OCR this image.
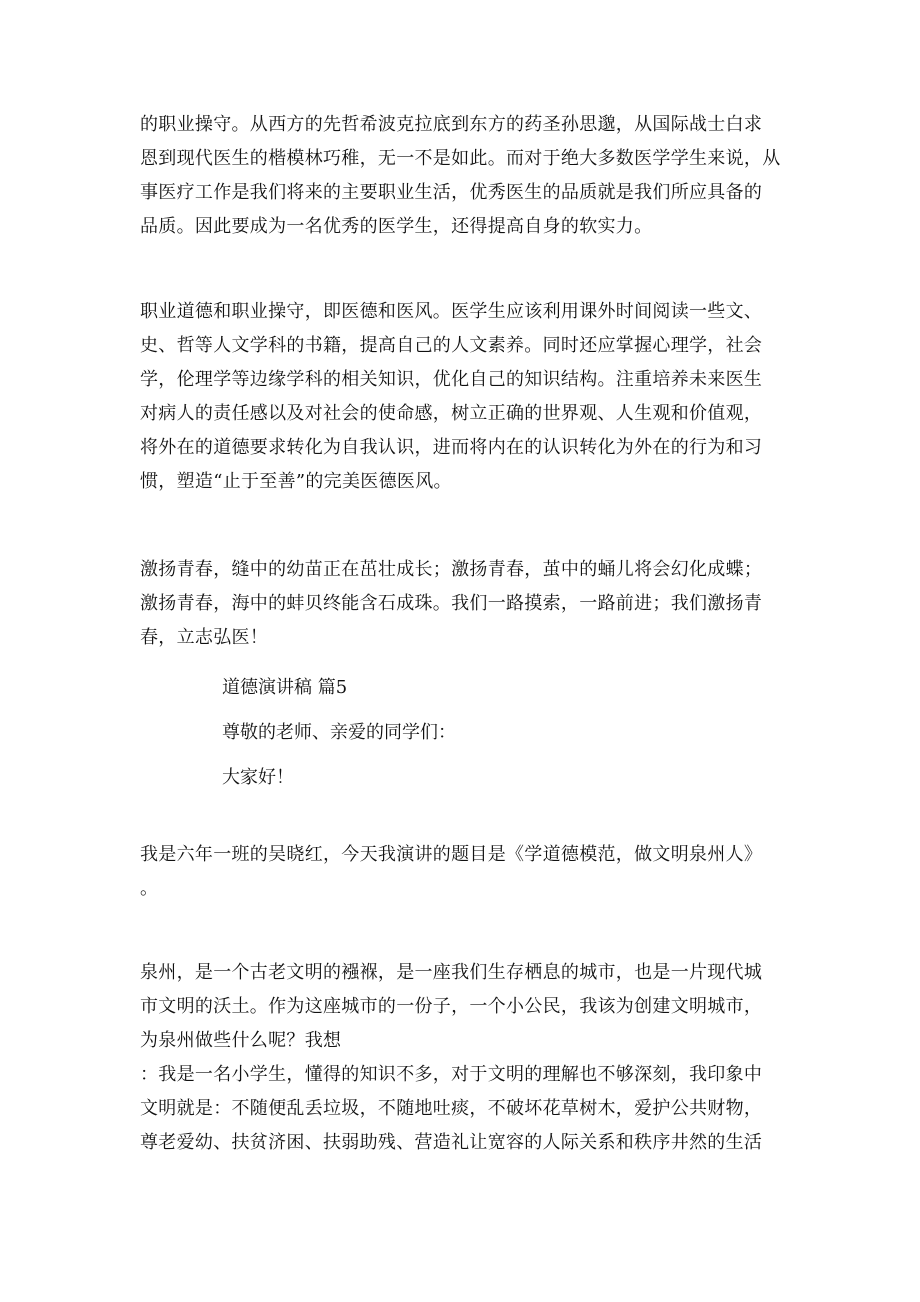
的职业操守。从西方的先哲希波克拉底到东方的药圣孙思邈，从国际战士白求
恩到现代医生的楷模林巧稚，无一不是如此。而对于绝大多数医学学生来说，从
事医疗工作是我们将来的主要职业生活，优秀医生的品质就是我们所应具备的
品质。因此要成为一名优秀的医学生，还得提高自身的软实力。
职业道德和职业操守，即医德和医风。医学生应该利用课外时间阅读一些文、
史、哲等人文学科的书籍，提高自己的人文素养。同时还应掌握心理学，社会
学，伦理学等边缘学科的相关知识，优化自己的知识结构。注重培养未来医生
对病人的责任感以及对社会的使命感，树立正确的世界观、人生观和价值观，
将外在的道德要求转化为自我认识，进而将内在的认识转化为外在的行为和习
惯，塑造“止于至善”的完美医德医风。
激扬青春，缝中的幼苗正在茁壮成长；激扬青春，茧中的蛹儿将会幻化成蝶；
激扬青春，海中的蚌贝终能含石成珠。我们一路摸索，一路前进；我们激扬青
春，立志弘医！

道德演讲稿 篇5

尊敬的老师、亲爱的同学们：

大家好！

我是六年一班的吴晓红，今天我演讲的题目是《学道德模范，做文明泉州人》
。
泉州，是一个古老文明的襁褓，是一座我们生存栖息的城市，也是一片现代城
市文明的沃土。作为这座城市的一份子，一个小公民，我该为创建文明城市，
为泉州做些什么呢？我想
：我是一名小学生，懂得的知识不多，对于文明的理解也不够深刻，我印象中
文明就是：不随便乱丢垃圾，不随地吐痰，不破坏花草树木，爱护公共财物，
尊老爱幼、扶贫济困、扶弱助残、营造礼让宽容的人际关系和秩序井然的生活
